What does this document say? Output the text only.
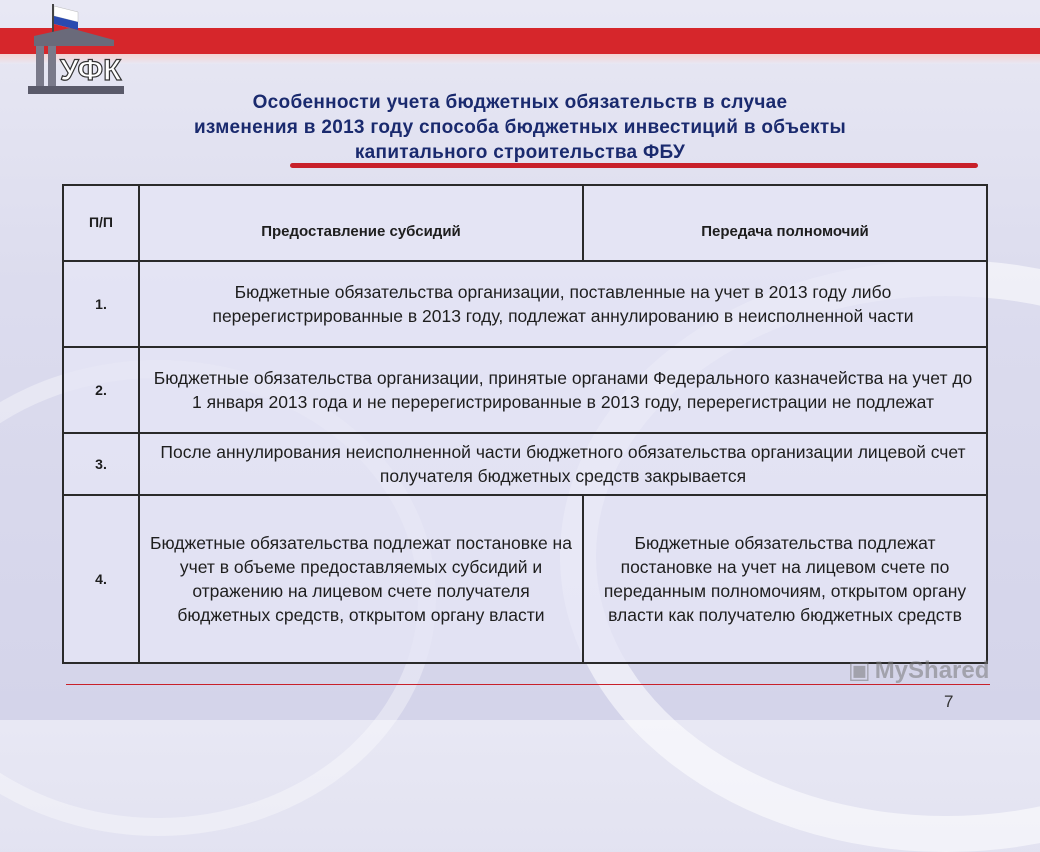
УФК
Особенности учета бюджетных обязательств в случае
изменения в 2013 году способа бюджетных инвестиций в объекты
капитального строительства ФБУ
П/П	Предоставление субсидий	Передача полномочий
1.	Бюджетные обязательства организации, поставленные на учет в 2013 году либо перерегистрированные в 2013 году, подлежат аннулированию в неисполненной части	
2.	Бюджетные обязательства организации, принятые органами Федерального казначейства на учет до 1 января 2013 года и не перерегистрированные в 2013 году, перерегистрации не подлежат	
3.	После аннулирования неисполненной части бюджетного обязательства организации лицевой счет получателя бюджетных средств закрывается	
4.	Бюджетные обязательства подлежат постановке на учет в объеме предоставляемых субсидий и отражению на лицевом счете получателя бюджетных средств, открытом органу власти	Бюджетные обязательства подлежат постановке на учет на лицевом счете по переданным полномочиям, открытом органу власти как получателю бюджетных средств
▣ MyShared
7
